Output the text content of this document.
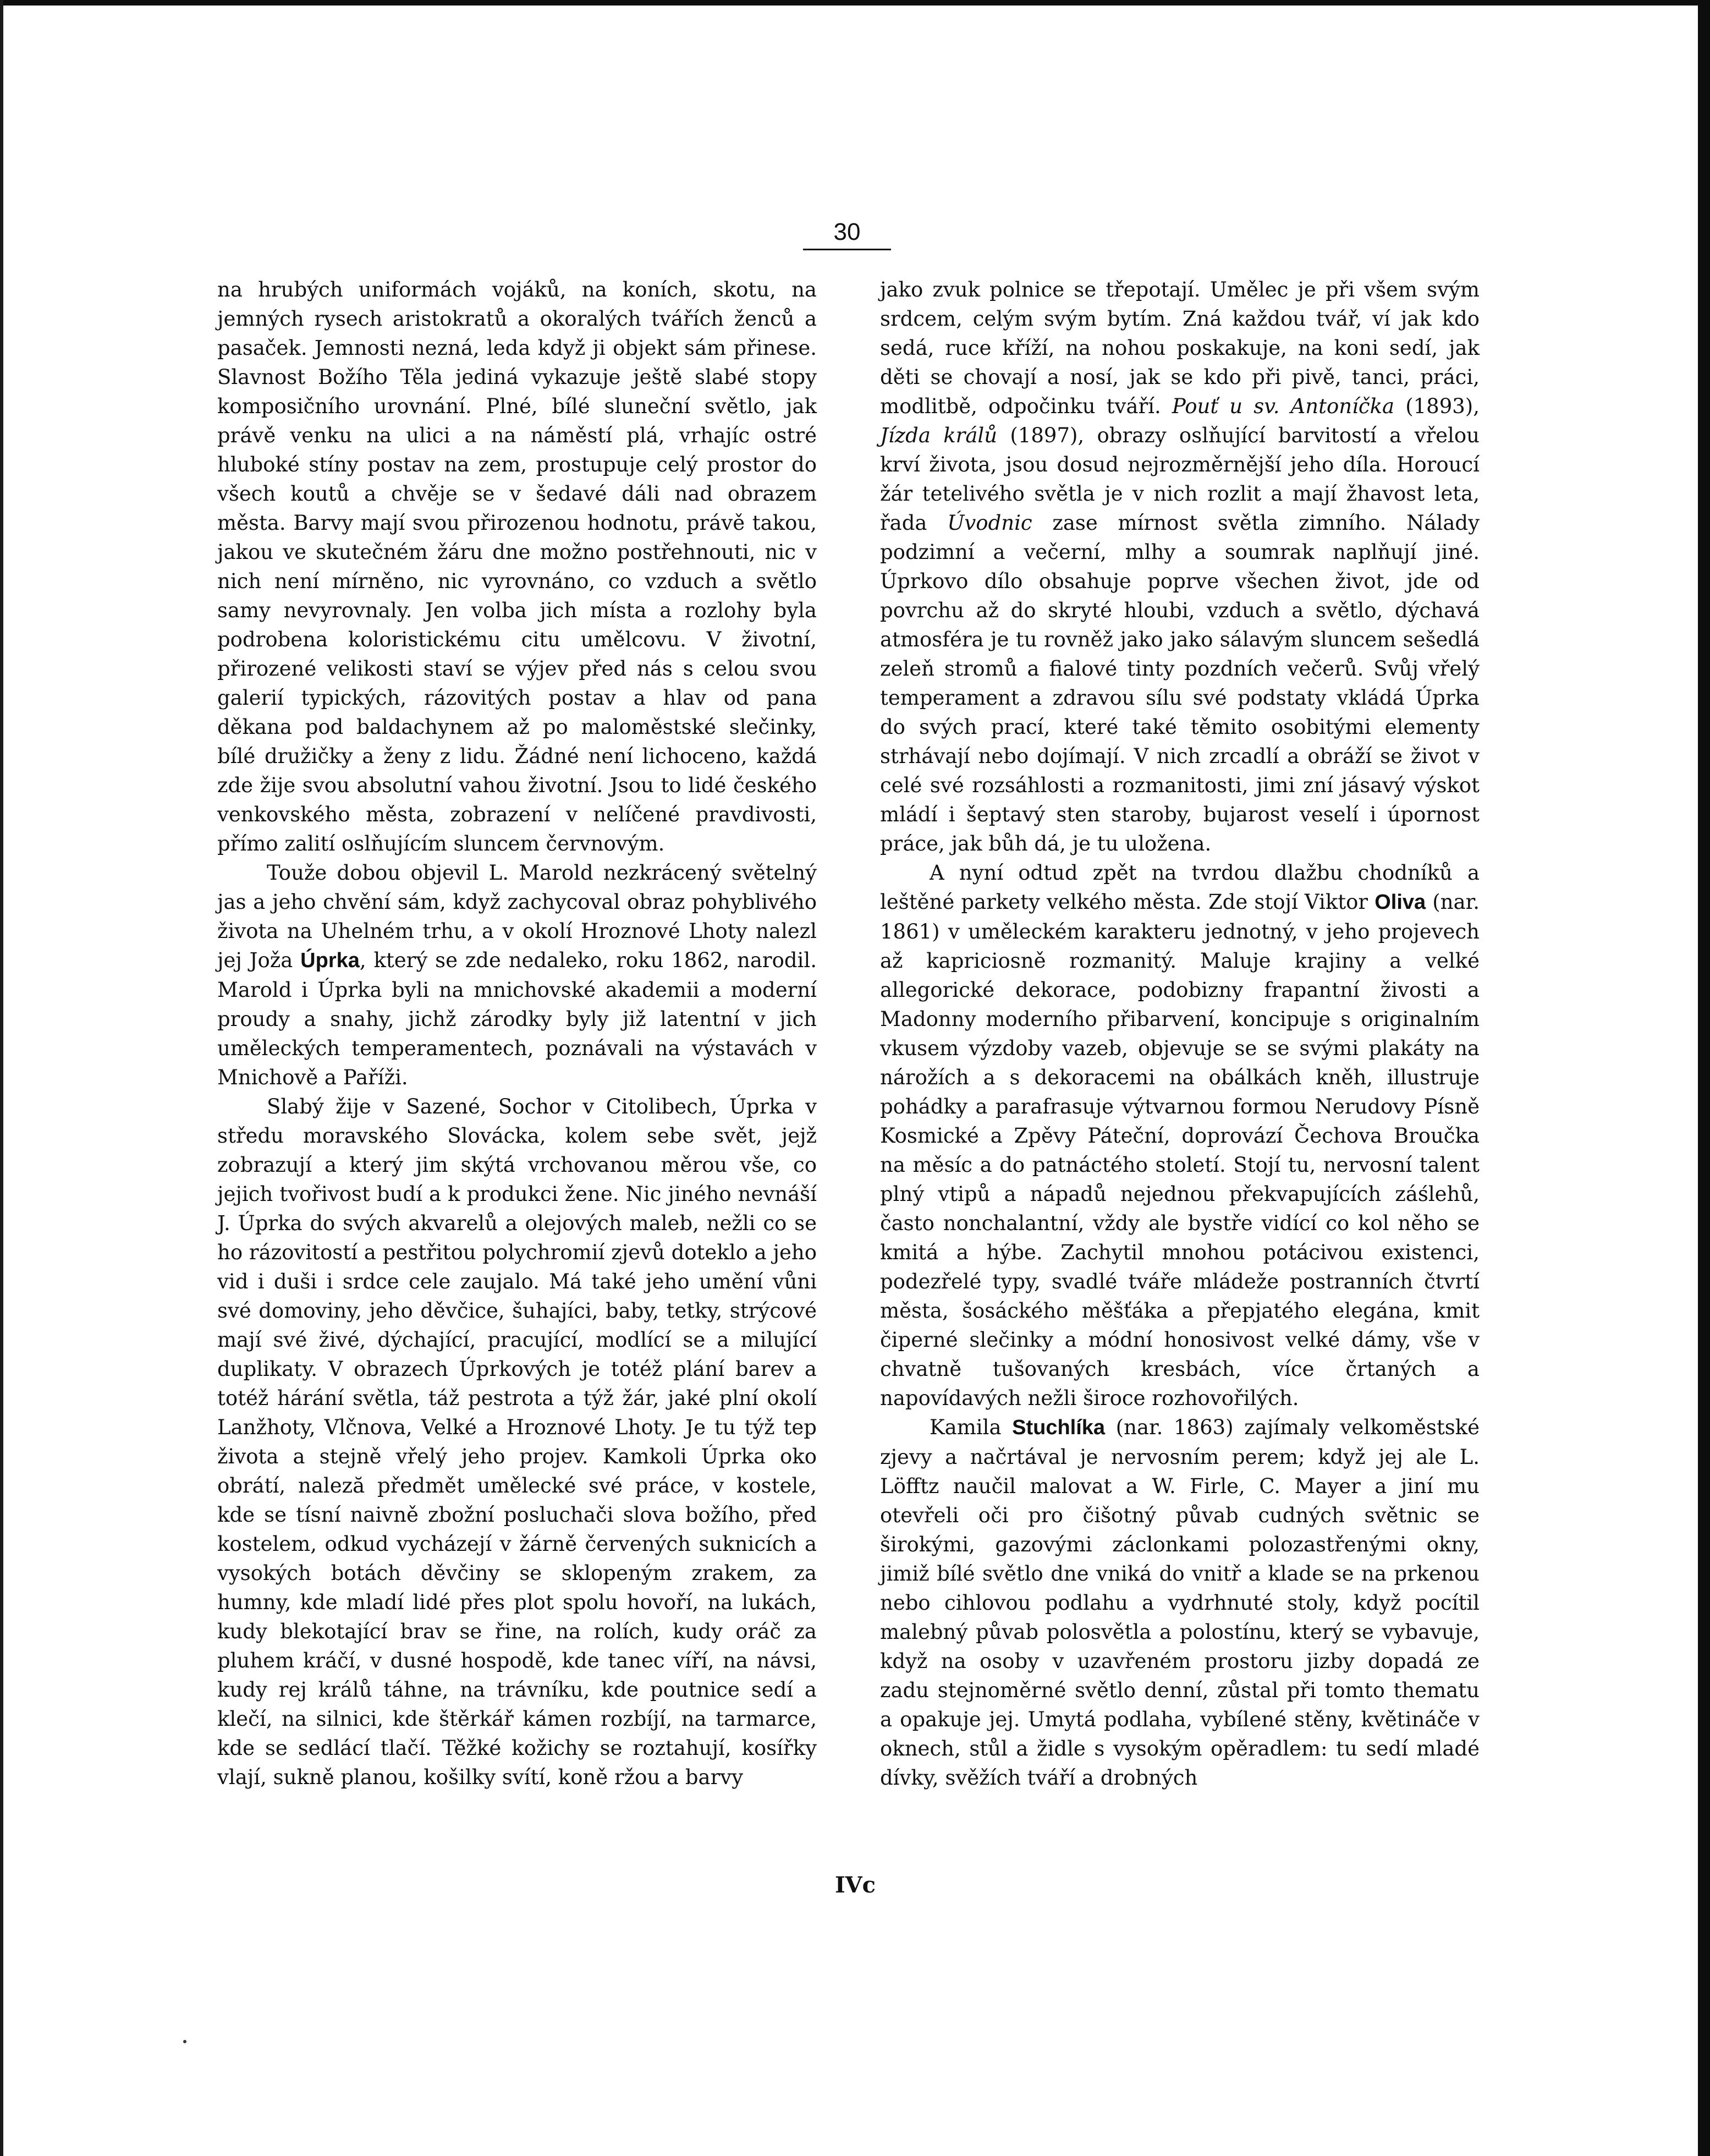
30

na hrubých uniformách vojáků, na koních, skotu, na jemných rysech aristokratů a okoralých tvářích ženců a pasaček. Jemnosti nezná, leda když ji objekt sám přinese. Slavnost Božího Těla jediná vykazuje ještě slabé stopy komposičního urovnání. Plné, bílé sluneční světlo, jak právě venku na ulici a na náměstí plá, vrhajíc ostré hluboké stíny postav na zem, prostupuje celý prostor do všech koutů a chvěje se v šedavé dáli nad obrazem města. Barvy mají svou přirozenou hodnotu, právě takou, jakou ve skutečném žáru dne možno postřehnouti, nic v nich není mírněno, nic vyrovnáno, co vzduch a světlo samy nevyrovnaly. Jen volba jich místa a rozlohy byla podrobena koloristickému citu umělcovu. V životní, přirozené velikosti staví se výjev před nás s celou svou galerií typických, rázovitých postav a hlav od pana děkana pod baldachynem až po maloměstské slečinky, bílé družičky a ženy z lidu. Žádné není lichoceno, každá zde žije svou absolutní vahou životní. Jsou to lidé českého venkovského města, zobrazení v nelíčené pravdivosti, přímo zalití oslňujícím sluncem červnovým.

Touže dobou objevil L. Marold nezkrácený světelný jas a jeho chvění sám, když zachycoval obraz pohyblivého života na Uhelném trhu, a v okolí Hroznové Lhoty nalezl jej Joža Úprka, který se zde nedaleko, roku 1862, narodil. Marold i Úprka byli na mnichovské akademii a moderní proudy a snahy, jichž zárodky byly již latentní v jich uměleckých temperamentech, poznávali na výstavách v Mnichově a Paříži.

Slabý žije v Sazené, Sochor v Citolibech, Úprka v středu moravského Slovácka, kolem sebe svět, jejž zobrazují a který jim skýtá vrchovanou měrou vše, co jejich tvořivost budí a k produkci žene. Nic jiného nevnáší J. Úprka do svých akvarelů a olejových maleb, nežli co se ho rázovitostí a pestřitou polychromií zjevů doteklo a jeho vid i duši i srdce cele zaujalo. Má také jeho umění vůni své domoviny, jeho děvčice, šuhajíci, baby, tetky, strýcové mají své živé, dýchající, pracující, modlící se a milující duplikaty. V obrazech Úprkových je totéž plání barev a totéž hárání světla, táž pestrota a týž žár, jaké plní okolí Lanžhoty, Vlčnova, Velké a Hroznové Lhoty. Je tu týž tep života a stejně vřelý jeho projev. Kamkoli Úprka oko obrátí, naleză předmět umělecké své práce, v kostele, kde se tísní naivně zbožní posluchači slova božího, před kostelem, odkud vycházejí v žárně červených suknicích a vysokých botách děvčiny se sklopeným zrakem, za humny, kde mladí lidé přes plot spolu hovoří, na lukách, kudy blekotající brav se řine, na rolích, kudy oráč za pluhem kráčí, v dusné hospodě, kde tanec víří, na návsi, kudy rej králů táhne, na trávníku, kde poutnice sedí a klečí, na silnici, kde štěrkář kámen rozbíjí, na tarmarce, kde se sedlácí tlačí. Těžké kožichy se roztahují, kosířky vlají, sukně planou, košilky svítí, koně ržou a barvy

jako zvuk polnice se třepotají. Umělec je při všem svým srdcem, celým svým bytím. Zná každou tvář, ví jak kdo sedá, ruce kříží, na nohou poskakuje, na koni sedí, jak děti se chovají a nosí, jak se kdo při pivě, tanci, práci, modlitbě, odpočinku tváří. Pouť u sv. Antoníčka (1893), Jízda králů (1897), obrazy oslňující barvitostí a vřelou krví života, jsou dosud nejrozměrnější jeho díla. Horoucí žár tetelivého světla je v nich rozlit a mají žhavost leta, řada Úvodnic zase mírnost světla zimního. Nálady podzimní a večerní, mlhy a soumrak naplňují jiné. Úprkovo dílo obsahuje poprve všechen život, jde od povrchu až do skryté hloubi, vzduch a světlo, dýchavá atmosféra je tu rovněž jako jako sálavým sluncem sešedlá zeleň stromů a fialové tinty pozdních večerů. Svůj vřelý temperament a zdravou sílu své podstaty vkládá Úprka do svých prací, které také těmito osobitými elementy strhávají nebo dojímají. V nich zrcadlí a obráží se život v celé své rozsáhlosti a rozmanitosti, jimi zní jásavý výskot mládí i šeptavý sten staroby, bujarost veselí i úpornost práce, jak bůh dá, je tu uložena.

A nyní odtud zpět na tvrdou dlažbu chodníků a leštěné parkety velkého města. Zde stojí Viktor Oliva (nar. 1861) v uměleckém karakteru jednotný, v jeho projevech až kapriciosně rozmanitý. Maluje krajiny a velké allegorické dekorace, podobizny frapantní živosti a Madonny moderního přibarvení, koncipuje s originalním vkusem výzdoby vazeb, objevuje se se svými plakáty na nárožích a s dekoracemi na obálkách kněh, illustruje pohádky a parafrasuje výtvarnou formou Nerudovy Písně Kosmické a Zpěvy Páteční, doprovází Čechova Broučka na měsíc a do patnáctého století. Stojí tu, nervosní talent plný vtipů a nápadů nejednou překvapujících záślehů, často nonchalantní, vždy ale bystře vidící co kol něho se kmitá a hýbe. Zachytil mnohou potácivou existenci, podezřelé typy, svadlé tváře mládeže postranních čtvrtí města, šosáckého měšťáka a přepjatého elegána, kmit čiperné slečinky a módní honosivost velké dámy, vše v chvatně tušovaných kresbách, více črtaných a napovídavých nežli široce rozhovořilých.

Kamila Stuchlíka (nar. 1863) zajímaly velkoměstské zjevy a načrtával je nervosním perem; když jej ale L. Löfftz naučil malovat a W. Firle, C. Mayer a jiní mu otevřeli oči pro čišotný půvab cudných světnic se širokými, gazovými záclonkami polozastřenými okny, jimiž bílé světlo dne vniká do vnitř a klade se na prkenou nebo cihlovou podlahu a vydrhnuté stoly, když pocítil malebný půvab polosvětla a polostínu, který se vybavuje, když na osoby v uzavřeném prostoru jizby dopadá ze zadu stejnoměrné světlo denní, zůstal při tomto thematu a opakuje jej. Umytá podlaha, vybílené stěny, květináče v oknech, stůl a židle s vysokým opěradlem: tu sedí mladé dívky, svěžích tváří a drobných

IVc
